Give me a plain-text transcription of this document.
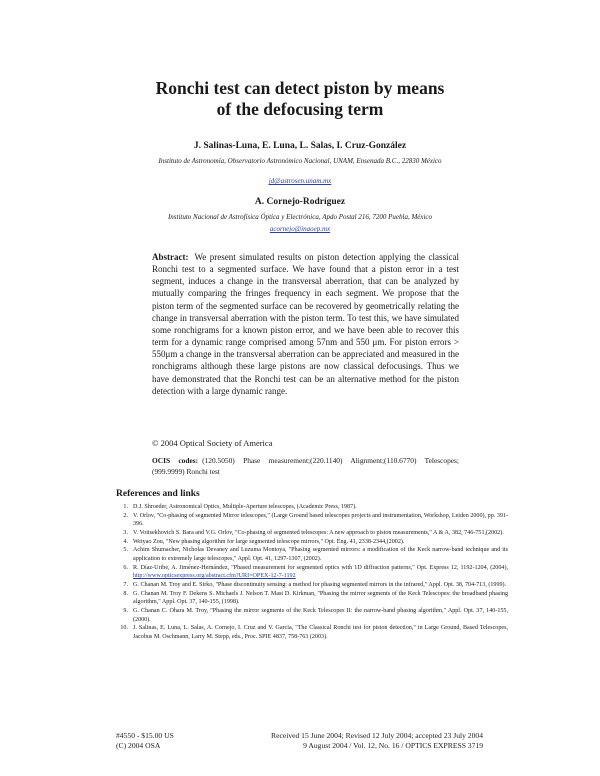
Ronchi test can detect piston by means
of the defocusing term
J. Salinas-Luna, E. Luna, L. Salas, I. Cruz-González
Instituto de Astronomía, Observatorio Astronómico Nacional, UNAM, Ensenada B.C., 22830 México
jd@astrosen.unam.mx
A. Cornejo-Rodríguez
Instituto Nacional de Astrofísica Óptica y Electrónica, Apdo Postal 216, 7200 Puebla, México
acornejo@inaoep.mx
Abstract: We present simulated results on piston detection applying the classical Ronchi test to a segmented surface. We have found that a piston error in a test segment, induces a change in the transversal aberration, that can be analyzed by mutually comparing the fringes frequency in each segment. We propose that the piston term of the segmented surface can be recovered by geometrically relating the change in transversal aberration with the piston term. To test this, we have simulated some ronchigrams for a known piston error, and we have been able to recover this term for a dynamic range comprised among 57nm and 550 μm. For piston errors > 550μm a change in the transversal aberration can be appreciated and measured in the ronchigrams although these large pistons are now classical defocusings. Thus we have demonstrated that the Ronchi test can be an alternative method for the piston detection with a large dynamic range.
© 2004 Optical Society of America
OCIS codes: (120.5050) Phase measurement;(220.1140) Alignment;(110.6770) Telescopes;(999.9999) Ronchi test
References and links
1. D.J. Shroeder, Astronomical Optics, Multiple-Aperture telescopes, (Academic Press, 1987).
2. V. Orlov, "Co-phasing of segmented Mirror telescopes," (Large Ground based telescopes projects and instrumentation, Workshop, Leiden 2000), pp. 391-396.
3. V. Voitsekhovich S. Bara and V.G. Orlov, "Co-phasing of segmented telescopes: A new approach to piston measurements," A & A, 382, 746-751,(2002).
4. Weiyao Zou, "New phasing algorithm for large segmented telescope mirrors," Opt. Eng. 41, 2338-2344,(2002).
5. Achim Shumacher, Nicholas Devaney and Luzuma Montoya, "Phasing segmented mirrors: a modification of the Keck narrow-band technique and its application to extremely large telescopes," Appl. Opt. 41, 1297-1307, (2002).
6. R. Díaz-Uribe, A. Jiménez-Hernández, "Phased measurement for segmented optics with 1D diffraction patterns," Opt. Express 12, 1192-1204, (2004), http://www.opticsexpress.org/abstract.cfm?URI=OPEX-12-7-1192
7. G. Chanan M. Troy and E. Sirko, "Phase discontinuity sensing: a method for phasing segmented mirrors in the infrared," Appl. Opt. 38, 704-713, (1999).
8. G. Chanan M. Troy F. Dekens S. Michaels J. Nelson T. Mast D. Kirkman, "Phasing the mirror segments of the Keck Telescopes: the broadband phasing algorithm," Appl. Opt. 37, 140-155, (1998).
9. G. Chanan C. Ohara M. Troy, "Phasing the mirror segments of the Keck Telescopes II: the narrow-band phasing algorithm," Appl. Opt. 37, 140-155, (2000).
10. J. Salinas, E. Luna, L. Salas, A. Cornejo, I. Cruz and V. Garcia, "The Classical Ronchi test for piston detection," in Large Ground, Based Telescopes, Jacobus M. Oschmann, Larry M. Stepp, eds., Proc. SPIE 4837, 758-763 (2003).
#4550 - $15.00 US
(C) 2004 OSA
Received 15 June 2004; Revised 12 July 2004; accepted 23 July 2004
9 August 2004 / Vol. 12, No. 16 / OPTICS EXPRESS 3719
